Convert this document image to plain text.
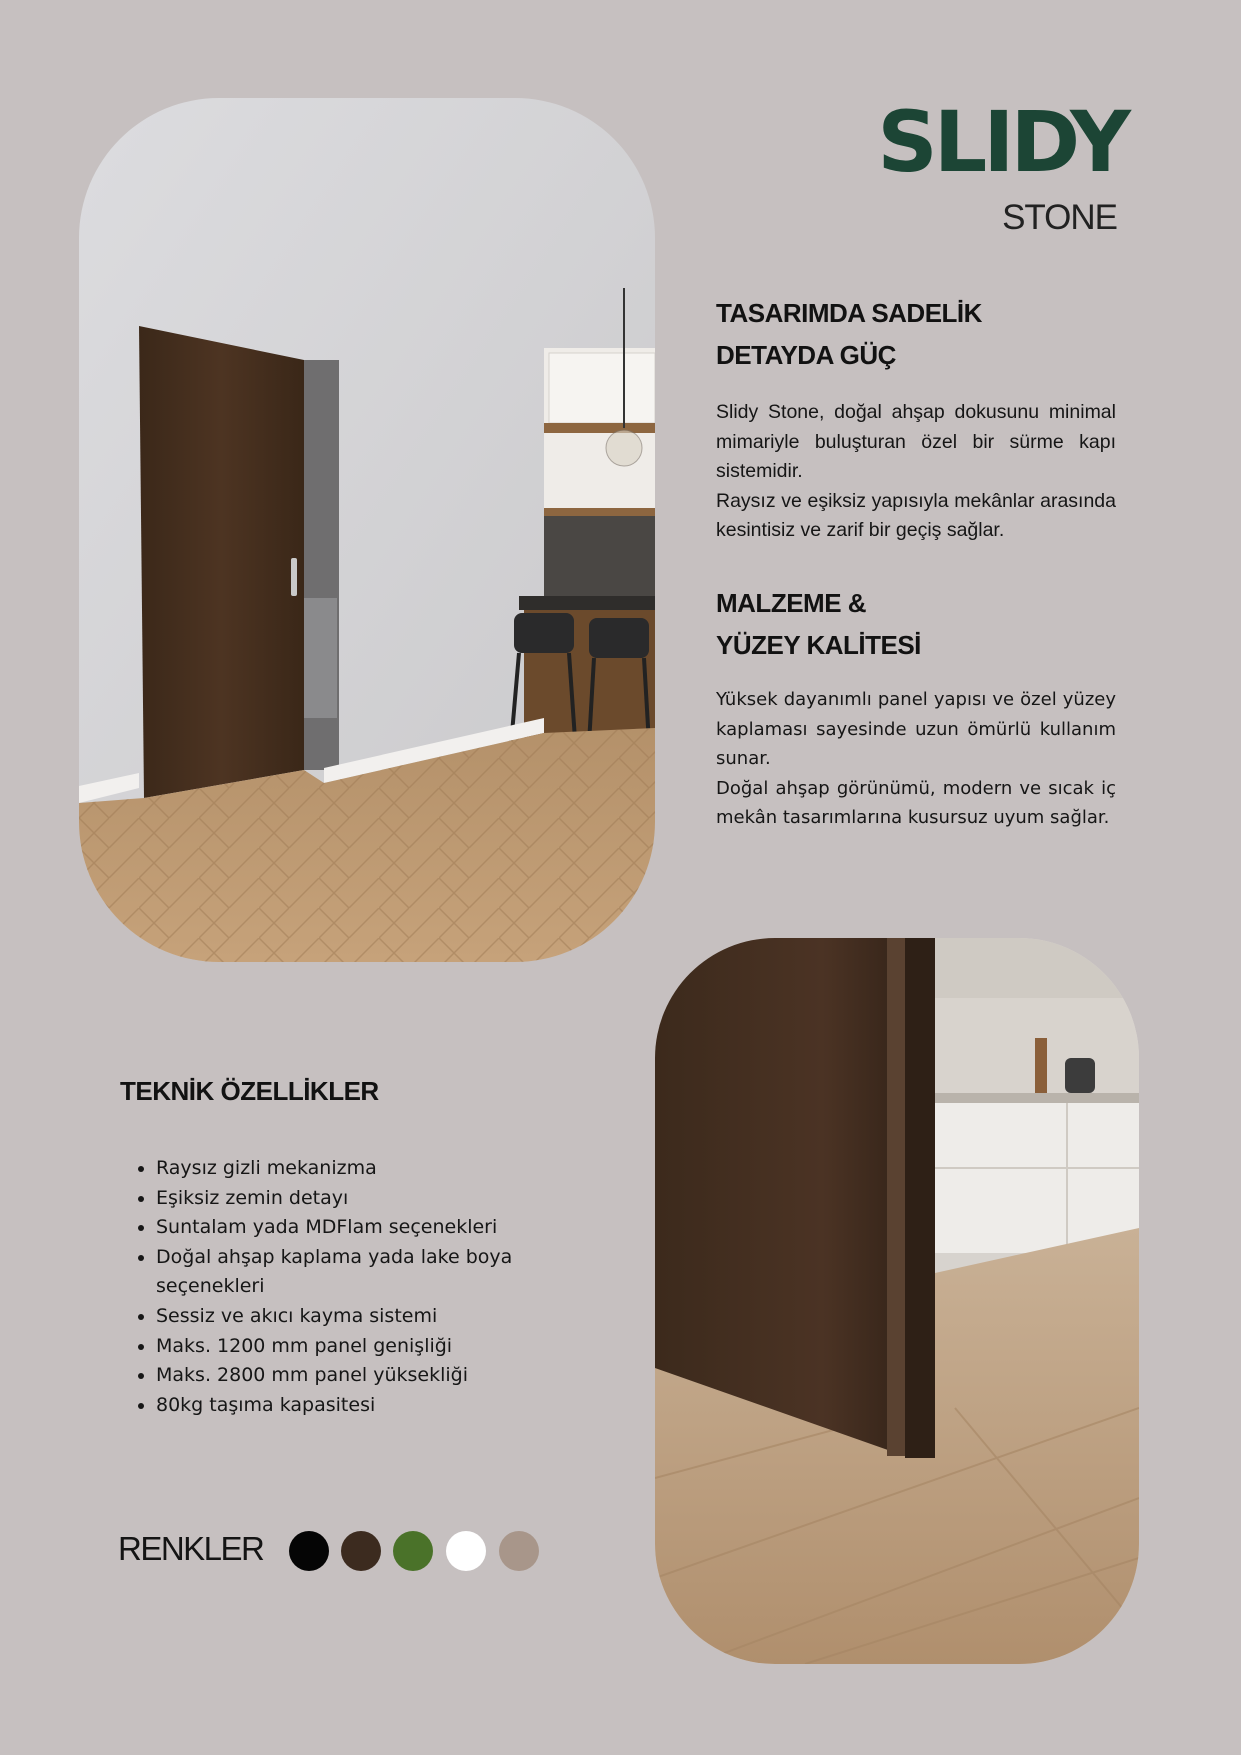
SLIDY
STONE
TASARIMDA SADELİK
DETAYDA GÜÇ

Slidy Stone, doğal ahşap dokusunu minimal mimariyle buluşturan özel bir sürme kapı sistemidir.

Raysız ve eşiksiz yapısıyla mekânlar arasında kesintisiz ve zarif bir geçiş sağlar.

MALZEME &
YÜZEY KALİTESİ

Yüksek dayanımlı panel yapısı ve özel yüzey kaplaması sayesinde uzun ömürlü kullanım sunar.

Doğal ahşap görünümü, modern ve sıcak iç mekân tasarımlarına kusursuz uyum sağlar.

TEKNİK ÖZELLİKLER
• Raysız gizli mekanizma
• Eşiksiz zemin detayı
• Suntalam yada MDFlam seçenekleri
• Doğal ahşap kaplama yada lake boya seçenekleri
• Sessiz ve akıcı kayma sistemi
• Maks. 1200 mm panel genişliği
• Maks. 2800 mm panel yüksekliği
• 80kg taşıma kapasitesi
RENKLER
